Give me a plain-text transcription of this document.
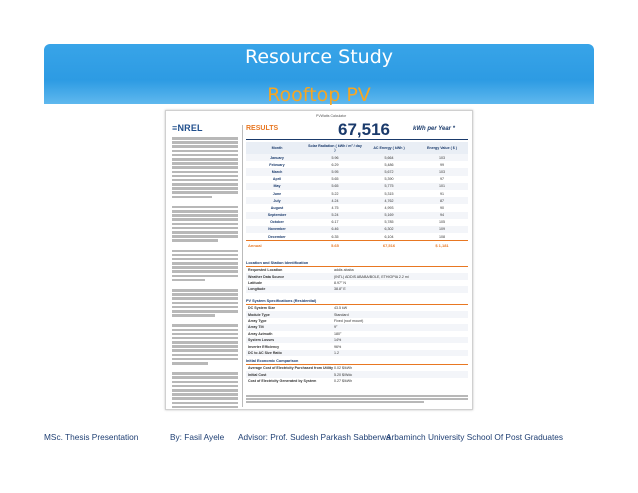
Resource Study
Rooftop PV
PVWatts Calculator
≡NREL	RESULTS	67,516	kWh per Year *
Month	Solar Radiation ( kWh / m² / day )	AC Energy ( kWh )	Energy Value ( $ )
January	5.96	5,664	103
February	6.29	5,486	99
March	5.95	5,672	103
April	5.65	5,390	97
May	5.65	5,775	101
June	5.22	5,315	91
July	4.24	4,762	87
August	4.75	4,993	90
September	5.24	5,169	94
October	6.17	5,785	105
November	6.46	6,302	109
December	6.35	6,104	108
Annual	5.65	67,516	$ 1,181
Location and Station Identification
Requested Location	addis ababa
Weather Data Source	(INTL) ADDIS ABABA/BOLE, ETHIOPIA 2.2 mi
Latitude	8.97° N
Longitude	38.8° E
PV System Specifications (Residential)
DC System Size	43.5 kW
Module Type	Standard
Array Type	Fixed (roof mount)
Array Tilt	9°
Array Azimuth	180°
System Losses	14%
Inverter Efficiency	96%
DC to AC Size Ratio	1.2
Initial Economic Comparison
Average Cost of Electricity Purchased from Utility 0.02 $/kWh
Initial Cost	5.20 $/Wdc
Cost of Electricity Generated by System	0.27 $/kWh
MSc. Thesis Presentation	By: Fasil Ayele Advisor: Prof. Sudesh Parkash Sabberwa
Arbaminch University School Of Post Graduates
